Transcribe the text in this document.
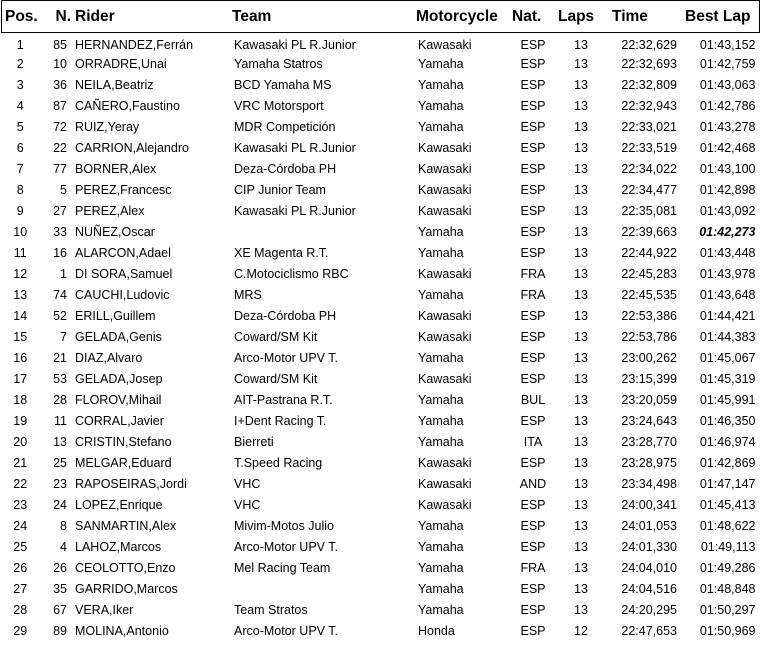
Pos.	N.	Rider	Team	Motorcycle	Nat.	Laps	Time	Best Lap
1	85	HERNANDEZ,Ferrán	Kawasaki PL R.Junior	Kawasaki	ESP	13	22:32,629	01:43,152
2	10	ORRADRE,Unai	Yamaha Statros	Yamaha	ESP	13	22:32,693	01:42,759
3	36	NEILA,Beatriz	BCD Yamaha MS	Yamaha	ESP	13	22:32,809	01:43,063
4	87	CAÑERO,Faustino	VRC Motorsport	Yamaha	ESP	13	22:32,943	01:42,786
5	72	RUIZ,Yeray	MDR Competición	Yamaha	ESP	13	22:33,021	01:43,278
6	22	CARRION,Alejandro	Kawasaki PL R.Junior	Kawasaki	ESP	13	22:33,519	01:42,468
7	77	BORNER,Alex	Deza-Córdoba PH	Kawasaki	ESP	13	22:34,022	01:43,100
8	5	PEREZ,Francesc	CIP Junior Team	Kawasaki	ESP	13	22:34,477	01:42,898
9	27	PEREZ,Alex	Kawasaki PL R.Junior	Kawasaki	ESP	13	22:35,081	01:43,092
10	33	NUÑEZ,Oscar		Yamaha	ESP	13	22:39,663	01:42,273
11	16	ALARCON,Adael	XE Magenta R.T.	Yamaha	ESP	13	22:44,922	01:43,448
12	1	DI SORA,Samuel	C.Motociclismo RBC	Kawasaki	FRA	13	22:45,283	01:43,978
13	74	CAUCHI,Ludovic	MRS	Yamaha	FRA	13	22:45,535	01:43,648
14	52	ERILL,Guillem	Deza-Córdoba PH	Kawasaki	ESP	13	22:53,386	01:44,421
15	7	GELADA,Genis	Coward/SM Kit	Kawasaki	ESP	13	22:53,786	01:44,383
16	21	DIAZ,Alvaro	Arco-Motor UPV T.	Yamaha	ESP	13	23:00,262	01:45,067
17	53	GELADA,Josep	Coward/SM Kit	Kawasaki	ESP	13	23:15,399	01:45,319
18	28	FLOROV,Mihail	AIT-Pastrana R.T.	Yamaha	BUL	13	23:20,059	01:45,991
19	11	CORRAL,Javier	I+Dent Racing T.	Yamaha	ESP	13	23:24,643	01:46,350
20	13	CRISTIN,Stefano	Bierreti	Yamaha	ITA	13	23:28,770	01:46,974
21	25	MELGAR,Eduard	T.Speed Racing	Kawasaki	ESP	13	23:28,975	01:42,869
22	23	RAPOSEIRAS,Jordi	VHC	Kawasaki	AND	13	23:34,498	01:47,147
23	24	LOPEZ,Enrique	VHC	Kawasaki	ESP	13	24:00,341	01:45,413
24	8	SANMARTIN,Alex	Mivim-Motos Julio	Yamaha	ESP	13	24:01,053	01:48,622
25	4	LAHOZ,Marcos	Arco-Motor UPV T.	Yamaha	ESP	13	24:01,330	01:49,113
26	26	CEOLOTTO,Enzo	Mel Racing Team	Yamaha	FRA	13	24:04,010	01:49,286
27	35	GARRIDO,Marcos		Yamaha	ESP	13	24:04,516	01:48,848
28	67	VERA,Iker	Team Stratos	Yamaha	ESP	13	24:20,295	01:50,297
29	89	MOLINA,Antonio	Arco-Motor UPV T.	Honda	ESP	12	22:47,653	01:50,969
